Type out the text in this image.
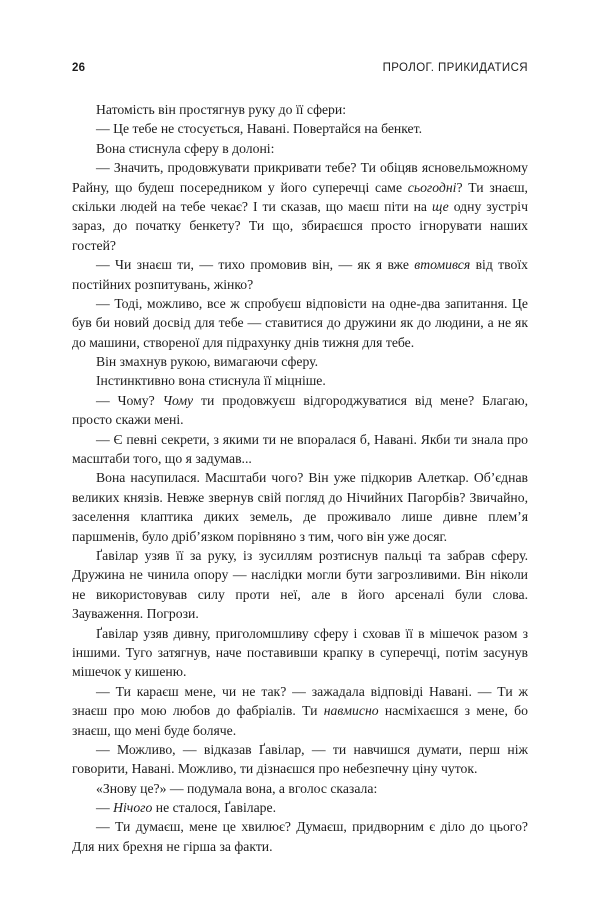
26	ПРОЛОГ. ПРИКИДАТИСЯ

Натомість він простягнув руку до її сфери:

— Це тебе не стосується, Навані. Повертайся на бенкет.

Вона стиснула сферу в долоні:

— Значить, продовжувати прикривати тебе? Ти обіцяв ясновельможному Райну, що будеш посередником у його суперечці саме сьогодні? Ти знаєш, скільки людей на тебе чекає? І ти сказав, що маєш піти на ще одну зустріч зараз, до початку бенкету? Ти що, збираєшся просто ігнорувати наших гостей?

— Чи знаєш ти, — тихо промовив він, — як я вже втомився від твоїх постійних розпитувань, жінко?

— Тоді, можливо, все ж спробуєш відповісти на одне-два запитання. Це був би новий досвід для тебе — ставитися до дружини як до людини, а не як до машини, створеної для підрахунку днів тижня для тебе.

Він змахнув рукою, вимагаючи сферу.

Інстинктивно вона стиснула її міцніше.

— Чому? Чому ти продовжуєш відгороджуватися від мене? Благаю, просто скажи мені.

— Є певні секрети, з якими ти не впоралася б, Навані. Якби ти знала про масштаби того, що я задумав...

Вона насупилася. Масштаби чого? Він уже підкорив Алеткар. Об’єднав великих князів. Невже звернув свій погляд до Нічийних Пагорбів? Звичайно, заселення клаптика диких земель, де проживало лише дивне плем’я паршменів, було дріб’язком порівняно з тим, чого він уже досяг.

Ґавілар узяв її за руку, із зусиллям розтиснув пальці та забрав сферу. Дружина не чинила опору — наслідки могли бути загрозливими. Він ніколи не використовував силу проти неї, але в його арсеналі були слова. Зауваження. Погрози.

Ґавілар узяв дивну, приголомшливу сферу і сховав її в мішечок разом з іншими. Туго затягнув, наче поставивши крапку в суперечці, потім засунув мішечок у кишеню.

— Ти караєш мене, чи не так? — зажадала відповіді Навані. — Ти ж знаєш про мою любов до фабріалів. Ти навмисно насміхаєшся з мене, бо знаєш, що мені буде боляче.

— Можливо, — відказав Ґавілар, — ти навчишся думати, перш ніж говорити, Навані. Можливо, ти дізнаєшся про небезпечну ціну чуток.

«Знову це?» — подумала вона, а вголос сказала:

— Нічого не сталося, Ґавіларе.

— Ти думаєш, мене це хвилює? Думаєш, придворним є діло до цього? Для них брехня не гірша за факти.
